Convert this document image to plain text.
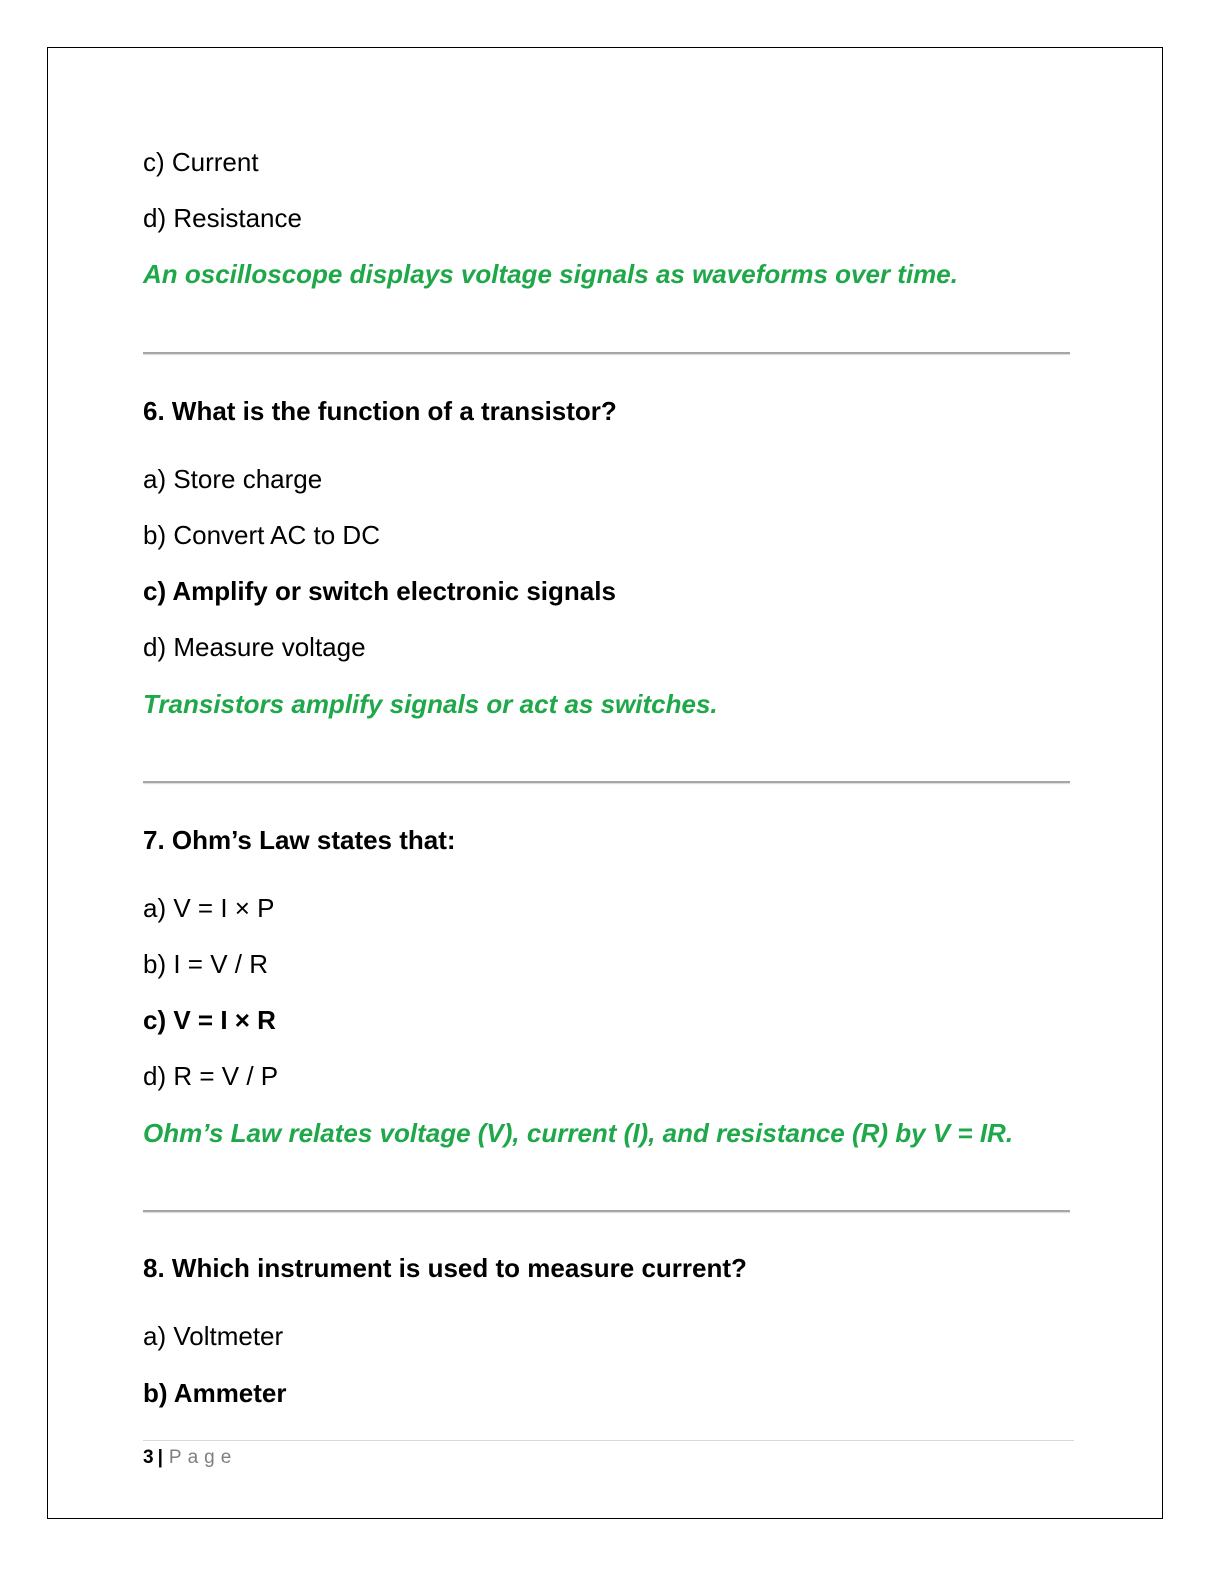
c) Current
d) Resistance
An oscilloscope displays voltage signals as waveforms over time.
6. What is the function of a transistor?
a) Store charge
b) Convert AC to DC
c) Amplify or switch electronic signals
d) Measure voltage
Transistors amplify signals or act as switches.
7. Ohm’s Law states that:
a) V = I × P
b) I = V / R
c) V = I × R
d) R = V / P
Ohm’s Law relates voltage (V), current (I), and resistance (R) by V = IR.
8. Which instrument is used to measure current?
a) Voltmeter
b) Ammeter
3 | Page
